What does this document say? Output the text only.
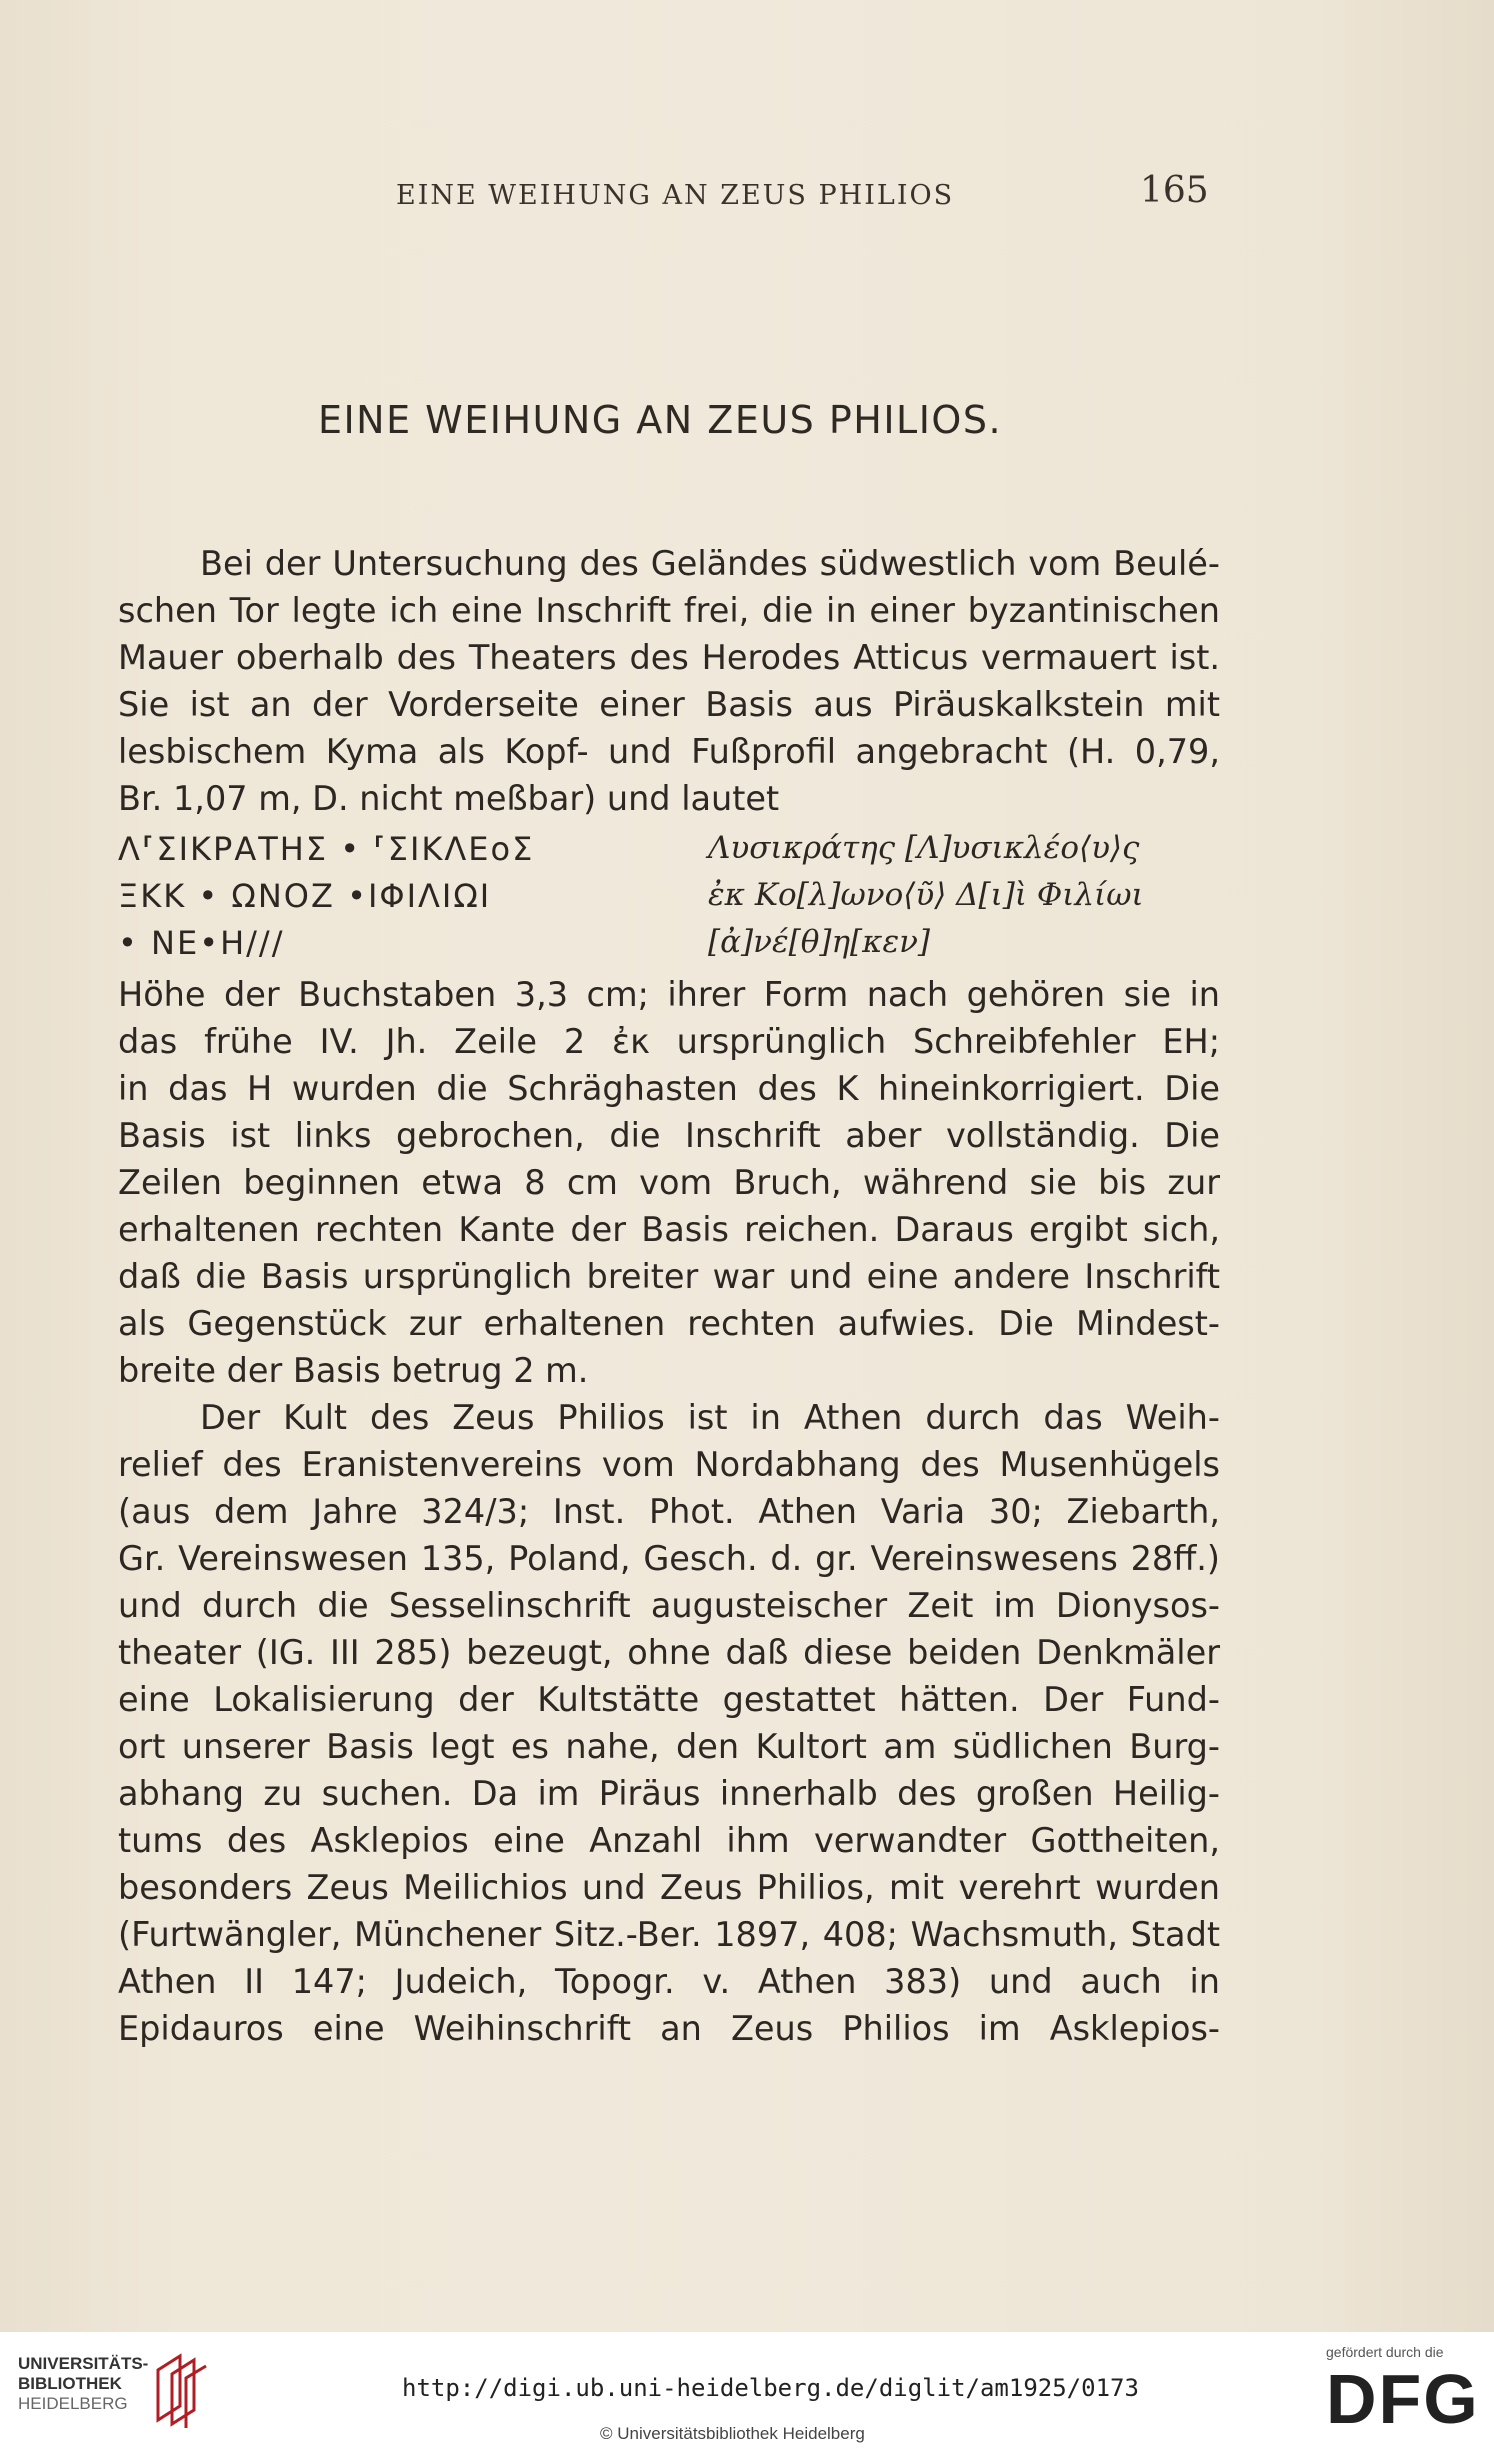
EINE WEIHUNG AN ZEUS PHILIOS	165
EINE WEIHUNG AN ZEUS PHILIOS.
Bei der Untersuchung des Geländes südwestlich vom Beulé-
schen Tor legte ich eine Inschrift frei, die in einer byzantinischen
Mauer oberhalb des Theaters des Herodes Atticus vermauert ist.
Sie ist an der Vorderseite einer Basis aus Piräuskalkstein mit
lesbischem Kyma als Kopf- und Fußprofil angebracht (H. 0,79,
Br. 1,07 m, D. nicht meßbar) und lautet
Λ⸢ΣΙΚΡΑΤΗΣ • ⸢ΣΙΚΛΕοΣ	Λυσικράτης [Λ]υσικλέο⟨υ⟩ς
ΞΚΚ • ΩΝΟΖ •ΙΦΙΛΙΩΙ	ἐκ Κο[λ]ωνο⟨ῦ⟩ Δ[ι]ὶ Φιλίωι
• ΝΕ•Η///	[ἀ]νέ[θ]η[κεν]
Höhe der Buchstaben 3,3 cm; ihrer Form nach gehören sie in
das frühe IV. Jh. Zeile 2 ἐκ ursprünglich Schreibfehler EH;
in das H wurden die Schräghasten des K hineinkorrigiert. Die
Basis ist links gebrochen, die Inschrift aber vollständig. Die
Zeilen beginnen etwa 8 cm vom Bruch, während sie bis zur
erhaltenen rechten Kante der Basis reichen. Daraus ergibt sich,
daß die Basis ursprünglich breiter war und eine andere Inschrift
als Gegenstück zur erhaltenen rechten aufwies. Die Mindest-
breite der Basis betrug 2 m.
Der Kult des Zeus Philios ist in Athen durch das Weih-
relief des Eranistenvereins vom Nordabhang des Musenhügels
(aus dem Jahre 324/3; Inst. Phot. Athen Varia 30; Ziebarth,
Gr. Vereinswesen 135, Poland, Gesch. d. gr. Vereinswesens 28ff.)
und durch die Sesselinschrift augusteischer Zeit im Dionysos-
theater (IG. III 285) bezeugt, ohne daß diese beiden Denkmäler
eine Lokalisierung der Kultstätte gestattet hätten. Der Fund-
ort unserer Basis legt es nahe, den Kultort am südlichen Burg-
abhang zu suchen. Da im Piräus innerhalb des großen Heilig-
tums des Asklepios eine Anzahl ihm verwandter Gottheiten,
besonders Zeus Meilichios und Zeus Philios, mit verehrt wurden
(Furtwängler, Münchener Sitz.-Ber. 1897, 408; Wachsmuth, Stadt
Athen II 147; Judeich, Topogr. v. Athen 383) und auch in
Epidauros eine Weihinschrift an Zeus Philios im Asklepios-
UNIVERSITÄTS-
BIBLIOTHEK
HEIDELBERG
http://digi.ub.uni-heidelberg.de/diglit/am1925/0173
© Universitätsbibliothek Heidelberg
gefördert durch die
DFG
